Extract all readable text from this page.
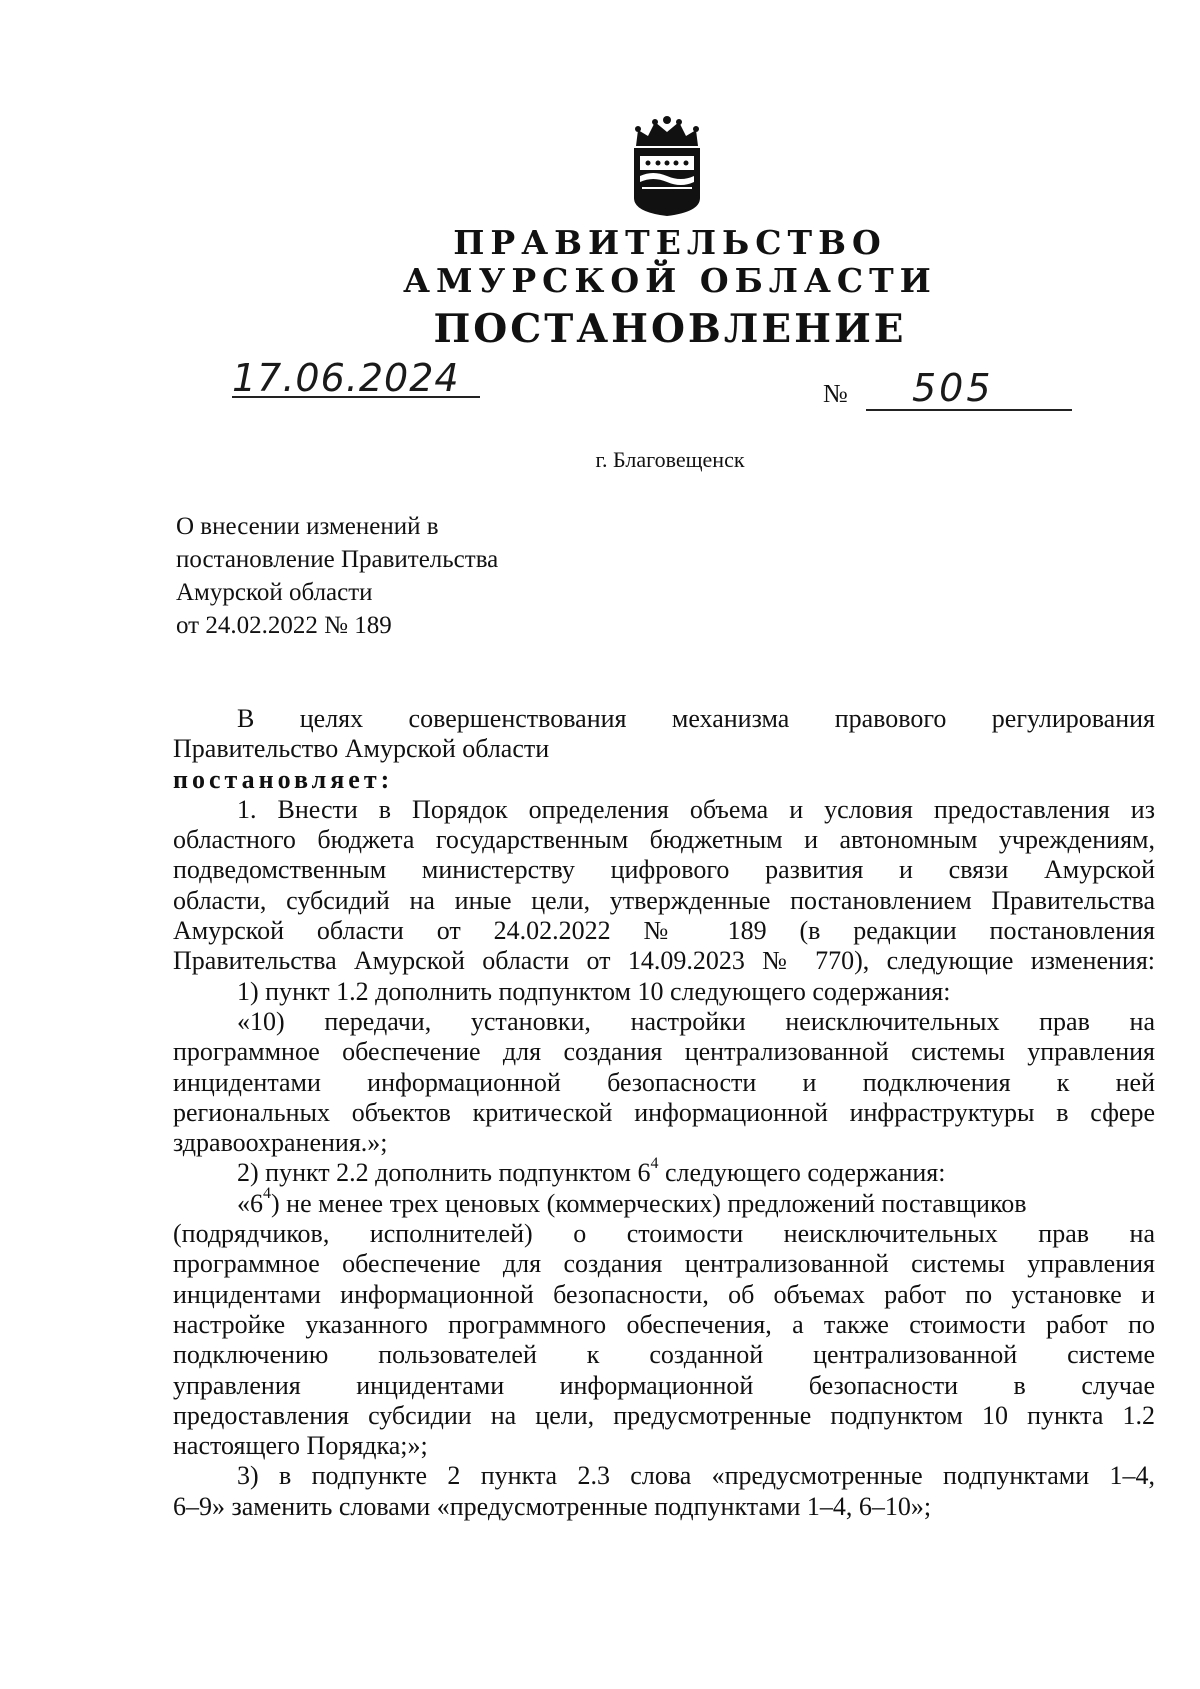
ПРАВИТЕЛЬСТВО
АМУРСКОЙ ОБЛАСТИ
ПОСТАНОВЛЕНИЕ
17.06.2024	№ 505
г. Благовещенск
О внесении изменений в
постановление Правительства
Амурской области
от 24.02.2022 № 189
В целях совершенствования механизма правового регулирования
Правительство Амурской области
постановляет:
1. Внести в Порядок определения объема и условия предоставления из
областного бюджета государственным бюджетным и автономным учреждениям,
подведомственным министерству цифрового развития и связи Амурской
области, субсидий на иные цели, утвержденные постановлением Правительства
Амурской области от 24.02.2022 № 189 (в редакции постановления
Правительства Амурской области от 14.09.2023 № 770), следующие изменения:
1) пункт 1.2 дополнить подпунктом 10 следующего содержания:
«10) передачи, установки, настройки неисключительных прав на
программное обеспечение для создания централизованной системы управления
инцидентами информационной безопасности и подключения к ней
региональных объектов критической информационной инфраструктуры в сфере
здравоохранения.»;
2) пункт 2.2 дополнить подпунктом $6^4$ следующего содержания:
«$6^4$) не менее трех ценовых (коммерческих) предложений поставщиков
(подрядчиков, исполнителей) о стоимости неисключительных прав на
программное обеспечение для создания централизованной системы управления
инцидентами информационной безопасности, об объемах работ по установке и
настройке указанного программного обеспечения, а также стоимости работ по
подключению пользователей к созданной централизованной системе
управления инцидентами информационной безопасности в случае
предоставления субсидии на цели, предусмотренные подпунктом 10 пункта 1.2
настоящего Порядка;»;
3) в подпункте 2 пункта 2.3 слова «предусмотренные подпунктами 1–4,
6–9» заменить словами «предусмотренные подпунктами 1–4, 6–10»;
